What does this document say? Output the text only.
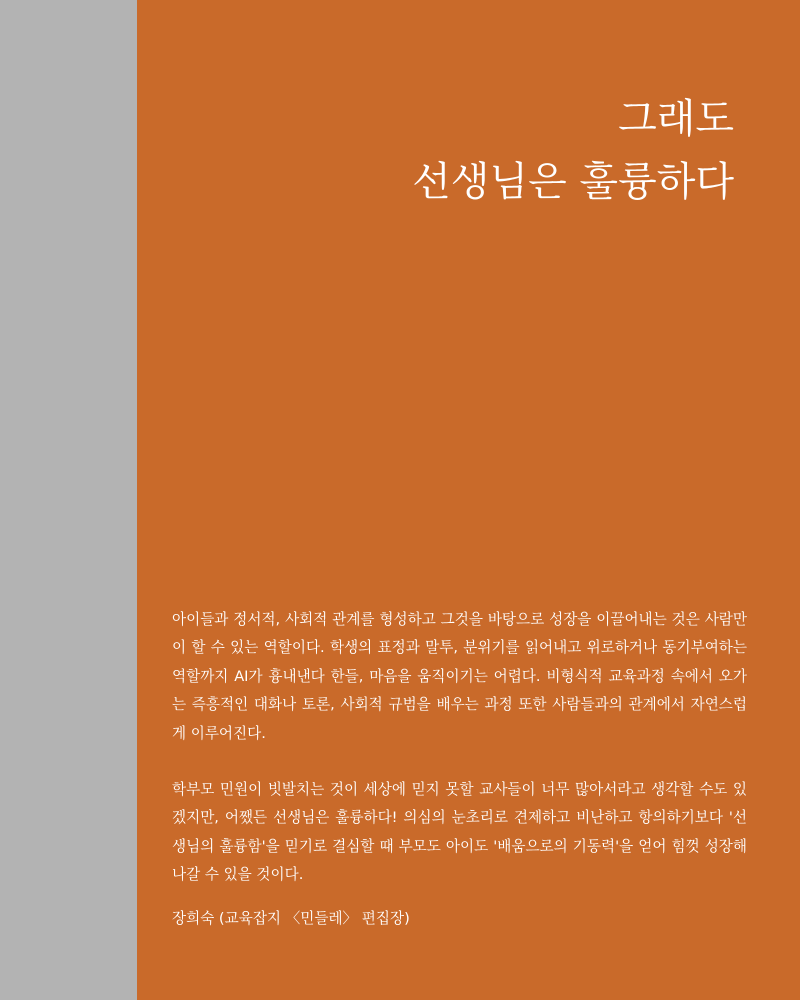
그래도
선생님은 훌륭하다

아이들과 정서적, 사회적 관계를 형성하고 그것을 바탕으로 성장을 이끌어내는 것은 사람만이 할 수 있는 역할이다. 학생의 표정과 말투, 분위기를 읽어내고 위로하거나 동기부여하는 역할까지 AI가 흉내낸다 한들, 마음을 움직이기는 어렵다. 비형식적 교육과정 속에서 오가는 즉흥적인 대화나 토론, 사회적 규범을 배우는 과정 또한 사람들과의 관계에서 자연스럽게 이루어진다.

학부모 민원이 빗발치는 것이 세상에 믿지 못할 교사들이 너무 많아서라고 생각할 수도 있겠지만, 어쨌든 선생님은 훌륭하다! 의심의 눈초리로 견제하고 비난하고 항의하기보다 '선생님의 훌륭함'을 믿기로 결심할 때 부모도 아이도 '배움으로의 기동력'을 얻어 힘껏 성장해나갈 수 있을 것이다.

장희숙 (교육잡지 〈민들레〉 편집장)
